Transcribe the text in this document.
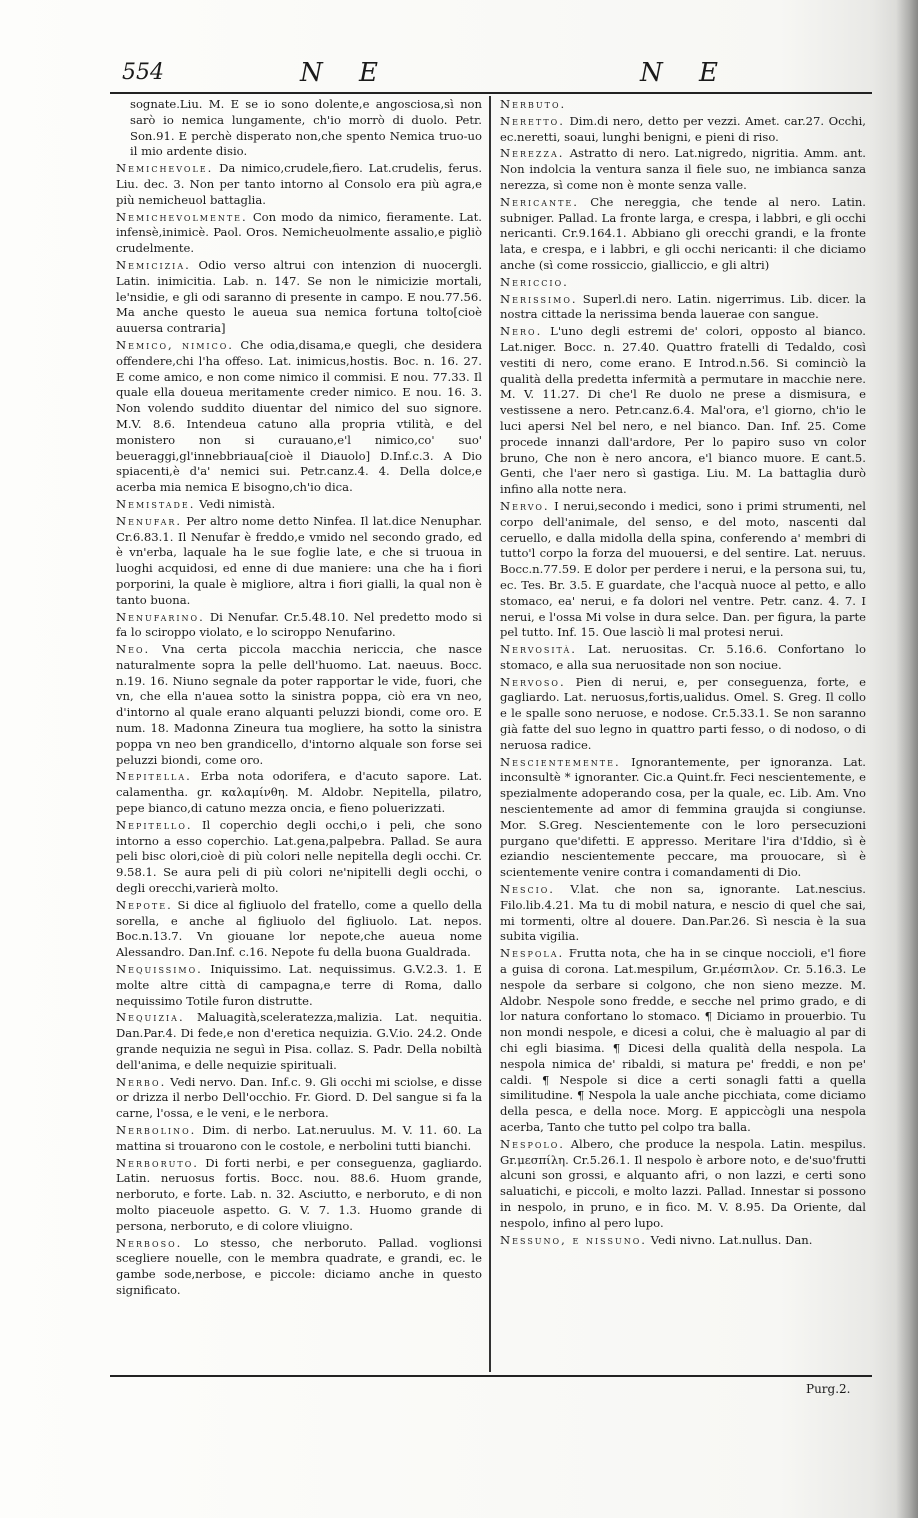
554	N E	N E

sognate.Liu. M. E se io sono dolente,e angosciosa,sì non sarò io nemica lungamente, ch'io morrò di duolo. Petr. Son.91. E perchè disperato non,che spento Nemica truo-uo il mio ardente disio.

Nemichevole. Da nimico,crudele,fiero. Lat.crudelis, ferus. Liu. dec. 3. Non per tanto intorno al Consolo era più agra,e più nemicheuol battaglia.

Nemichevolmente. Con modo da nimico, fieramente. Lat. infensè,inimicè. Paol. Oros. Nemicheuolmente assalio,e pigliò crudelmente.

Nemicizia. Odio verso altrui con intenzion di nuocergli. Latin. inimicitia. Lab. n. 147. Se non le nimicizie mortali, le'nsidie, e gli odi saranno di presente in campo. E nou.77.56. Ma anche questo le aueua sua nemica fortuna tolto[cioè auuersa contraria]

Nemico, nimico. Che odia,disama,e quegli, che desidera offendere,chi l'ha offeso. Lat. inimicus,hostis. Boc. n. 16. 27. E come amico, e non come nimico il commisi. E nou. 77.33. Il quale ella doueua meritamente creder nimico. E nou. 16. 3. Non volendo suddito diuentar del nimico del suo signore. M.V. 8.6. Intendeua catuno alla propria vtilità, e del monistero non si curauano,e'l nimico,co' suo' beueraggi,gl'innebbriaua[cioè il Diauolo] D.Inf.c.3. A Dio spiacenti,è d'a' nemici sui. Petr.canz.4. 4. Della dolce,e acerba mia nemica E bisogno,ch'io dica.

Nemistade. Vedi nimistà.

Nenufar. Per altro nome detto Ninfea. Il lat.dice Nenuphar. Cr.6.83.1. Il Nenufar è freddo,e vmido nel secondo grado, ed è vn'erba, laquale ha le sue foglie late, e che si truoua in luoghi acquidosi, ed enne di due maniere: una che ha i fiori porporini, la quale è migliore, altra i fiori gialli, la qual non è tanto buona.

Nenufarino. Di Nenufar. Cr.5.48.10. Nel predetto modo si fa lo sciroppo violato, e lo sciroppo Nenufarino.

Neo. Vna certa piccola macchia nericcia, che nasce naturalmente sopra la pelle dell'huomo. Lat. naeuus. Bocc. n.19. 16. Niuno segnale da poter rapportar le vide, fuori, che vn, che ella n'auea sotto la sinistra poppa, ciò era vn neo, d'intorno al quale erano alquanti peluzzi biondi, come oro. E num. 18. Madonna Zineura tua mogliere, ha sotto la sinistra poppa vn neo ben grandicello, d'intorno alquale son forse sei peluzzi biondi, come oro.

Nepitella. Erba nota odorifera, e d'acuto sapore. Lat. calamentha. gr. καλαμίνθη. M. Aldobr. Nepitella, pilatro, pepe bianco,di catuno mezza oncia, e fieno poluerizzati.

Nepitello. Il coperchio degli occhi,o i peli, che sono intorno a esso coperchio. Lat.gena,palpebra. Pallad. Se aura peli bisc olori,cioè di più colori nelle nepitella degli occhi. Cr. 9.58.1. Se aura peli di più colori ne'nipitelli degli occhi, o degli orecchi,varierà molto.

Nepote. Si dice al figliuolo del fratello, come a quello della sorella, e anche al figliuolo del figliuolo. Lat. nepos. Boc.n.13.7. Vn giouane lor nepote,che aueua nome Alessandro. Dan.Inf. c.16. Nepote fu della buona Gualdrada.

Nequissimo. Iniquissimo. Lat. nequissimus. G.V.2.3. 1. E molte altre città di campagna,e terre di Roma, dallo nequissimo Totile furon distrutte.

Nequizia. Maluagità,sceleratezza,malizia. Lat. nequitia. Dan.Par.4. Di fede,e non d'eretica nequizia. G.V.io. 24.2. Onde grande nequizia ne seguì in Pisa. collaz. S. Padr. Della nobiltà dell'anima, e delle nequizie spirituali.

Nerbo. Vedi nervo. Dan. Inf.c. 9. Gli occhi mi sciolse, e disse or drizza il nerbo Dell'occhio. Fr. Giord. D. Del sangue si fa la carne, l'ossa, e le veni, e le nerbora.

Nerbolino. Dim. di nerbo. Lat.neruulus. M. V. 11. 60. La mattina si trouarono con le costole, e nerbolini tutti bianchi.

Nerboruto. Di forti nerbi, e per conseguenza, gagliardo. Latin. neruosus fortis. Bocc. nou. 88.6. Huom grande, nerboruto, e forte. Lab. n. 32. Asciutto, e nerboruto, e di non molto piaceuole aspetto. G. V. 7. 1.3. Huomo grande di persona, nerboruto, e di colore vliuigno.

Nerboso. Lo stesso, che nerboruto. Pallad. voglionsi scegliere nouelle, con le membra quadrate, e grandi, ec. le gambe sode,nerbose, e piccole: diciamo anche in questo significato.

Nerbuto.

Neretto. Dim.di nero, detto per vezzi. Amet. car.27. Occhi, ec.neretti, soaui, lunghi benigni, e pieni di riso.

Nerezza. Astratto di nero. Lat.nigredo, nigritia. Amm. ant. Non indolcia la ventura sanza il fiele suo, ne imbianca sanza nerezza, sì come non è monte senza valle.

Nericante. Che nereggia, che tende al nero. Latin. subniger. Pallad. La fronte larga, e crespa, i labbri, e gli occhi nericanti. Cr.9.164.1. Abbiano gli orecchi grandi, e la fronte lata, e crespa, e i labbri, e gli occhi nericanti: il che diciamo anche (sì come rossiccio, gialliccio, e gli altri)

Nericcio.

Nerissimo. Superl.di nero. Latin. nigerrimus. Lib. dicer. la nostra cittade la nerissima benda lauerae con sangue.

Nero. L'uno degli estremi de' colori, opposto al bianco. Lat.niger. Bocc. n. 27.40. Quattro fratelli di Tedaldo, così vestiti di nero, come erano. E Introd.n.56. Si cominciò la qualità della predetta infermità a permutare in macchie nere. M. V. 11.27. Di che'l Re duolo ne prese a dismisura, e vestissene a nero. Petr.canz.6.4. Mal'ora, e'l giorno, ch'io le luci apersi Nel bel nero, e nel bianco. Dan. Inf. 25. Come procede innanzi dall'ardore, Per lo papiro suso vn color bruno, Che non è nero ancora, e'l bianco muore. E cant.5. Genti, che l'aer nero sì gastiga. Liu. M. La battaglia durò infino alla notte nera.

Nervo. I nerui,secondo i medici, sono i primi strumenti, nel corpo dell'animale, del senso, e del moto, nascenti dal ceruello, e dalla midolla della spina, conferendo a' membri di tutto'l corpo la forza del muouersi, e del sentire. Lat. neruus. Bocc.n.77.59. E dolor per perdere i nerui, e la persona sui, tu, ec. Tes. Br. 3.5. E guardate, che l'acquà nuoce al petto, e allo stomaco, ea' nerui, e fa dolori nel ventre. Petr. canz. 4. 7. I nerui, e l'ossa Mi volse in dura selce. Dan. per figura, la parte pel tutto. Inf. 15. Oue lasciò li mal protesi nerui.

Nervosità. Lat. neruositas. Cr. 5.16.6. Confortano lo stomaco, e alla sua neruositade non son nociue.

Nervoso. Pien di nerui, e, per conseguenza, forte, e gagliardo. Lat. neruosus,fortis,ualidus. Omel. S. Greg. Il collo e le spalle sono neruose, e nodose. Cr.5.33.1. Se non saranno già fatte del suo legno in quattro parti fesso, o di nodoso, o di neruosa radice.

Nescientemente. Ignorantemente, per ignoranza. Lat. inconsultè * ignoranter. Cic.a Quint.fr. Feci nescientemente, e spezialmente adoperando cosa, per la quale, ec. Lib. Am. Vno nescientemente ad amor di femmina graujda si congiunse. Mor. S.Greg. Nescientemente con le loro persecuzioni purgano que'difetti. E appresso. Meritare l'ira d'Iddio, sì è eziandio nescientemente peccare, ma prouocare, sì è scientemente venire contra i comandamenti di Dio.

Nescio. V.lat. che non sa, ignorante. Lat.nescius. Filo.lib.4.21. Ma tu di mobil natura, e nescio di quel che sai, mi tormenti, oltre al douere. Dan.Par.26. Sì nescia è la sua subita vigilia.

Nespola. Frutta nota, che ha in se cinque noccioli, e'l fiore a guisa di corona. Lat.mespilum, Gr.μέσπιλον. Cr. 5.16.3. Le nespole da serbare si colgono, che non sieno mezze. M. Aldobr. Nespole sono fredde, e secche nel primo grado, e di lor natura confortano lo stomaco. ¶ Diciamo in prouerbio. Tu non mondi nespole, e dicesi a colui, che è maluagio al par di chi egli biasima. ¶ Dicesi della qualità della nespola. La nespola nimica de' ribaldi, si matura pe' freddi, e non pe' caldi. ¶ Nespole si dice a certi sonagli fatti a quella similitudine. ¶ Nespola la uale anche picchiata, come diciamo della pesca, e della noce. Morg. E appiccògli una nespola acerba, Tanto che tutto pel colpo tra balla.

Nespolo. Albero, che produce la nespola. Latin. mespilus. Gr.μεσπίλη. Cr.5.26.1. Il nespolo è arbore noto, e de'suo'frutti alcuni son grossi, e alquanto afri, o non lazzi, e certi sono saluatichi, e piccoli, e molto lazzi. Pallad. Innestar si possono in nespolo, in pruno, e in fico. M. V. 8.95. Da Oriente, dal nespolo, infino al pero lupo.

Nessuno, e nissuno. Vedi nivno. Lat.nullus. Dan.

Purg.2.
